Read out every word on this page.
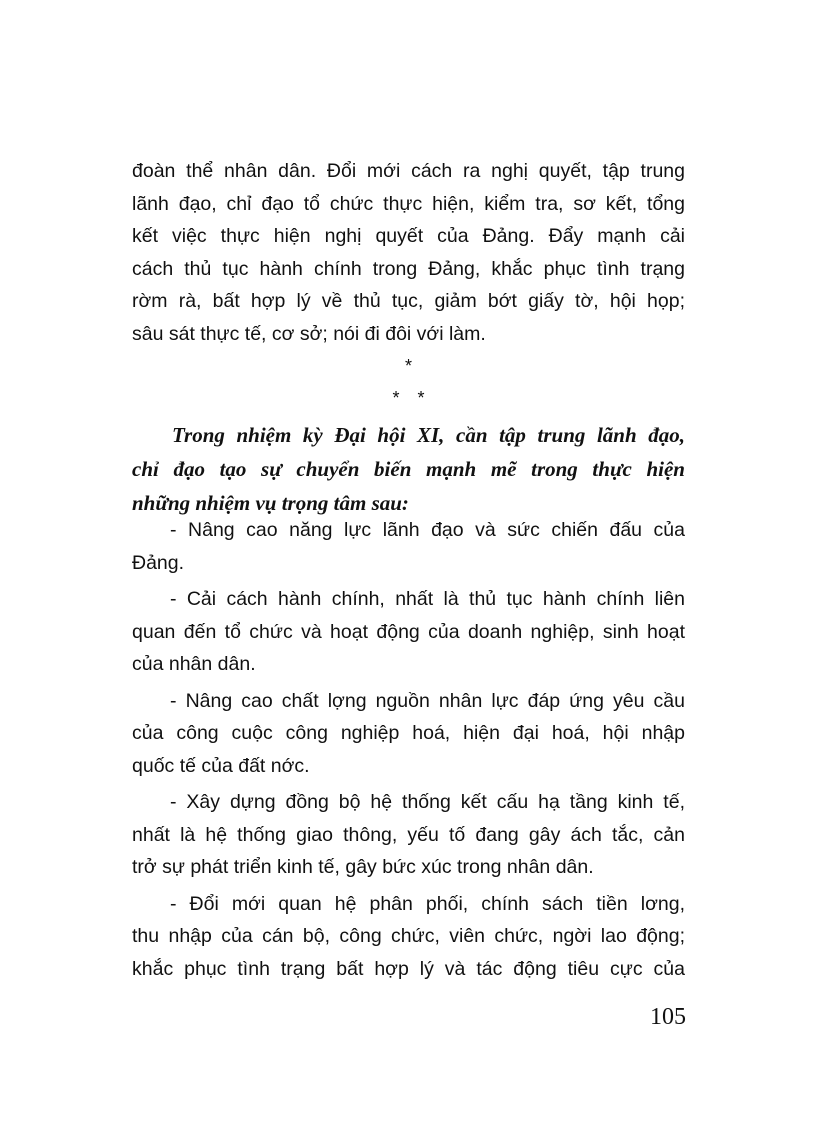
đoàn thể nhân dân. Đổi mới cách ra nghị quyết, tập trung
lãnh đạo, chỉ đạo tổ chức thực hiện, kiểm tra, sơ kết, tổng
kết việc thực hiện nghị quyết của Đảng. Đẩy mạnh cải
cách thủ tục hành chính trong Đảng, khắc phục tình trạng
rờm rà, bất hợp lý về thủ tục, giảm bớt giấy tờ, hội họp;
sâu sát thực tế, cơ sở; nói đi đôi với làm.
*
* *
Trong nhiệm kỳ Đại hội XI, cần tập trung lãnh đạo,
chỉ đạo tạo sự chuyển biến mạnh mẽ trong thực hiện
những nhiệm vụ trọng tâm sau:
- Nâng cao năng lực lãnh đạo và sức chiến đấu của
Đảng.
- Cải cách hành chính, nhất là thủ tục hành chính liên
quan đến tổ chức và hoạt động của doanh nghiệp, sinh hoạt
của nhân dân.
- Nâng cao chất lợng nguồn nhân lực đáp ứng yêu cầu
của công cuộc công nghiệp hoá, hiện đại hoá, hội nhập
quốc tế của đất nớc.
- Xây dựng đồng bộ hệ thống kết cấu hạ tầng kinh tế,
nhất là hệ thống giao thông, yếu tố đang gây ách tắc, cản
trở sự phát triển kinh tế, gây bức xúc trong nhân dân.
- Đổi mới quan hệ phân phối, chính sách tiền lơng,
thu nhập của cán bộ, công chức, viên chức, ngời lao động;
khắc phục tình trạng bất hợp lý và tác động tiêu cực của
105
